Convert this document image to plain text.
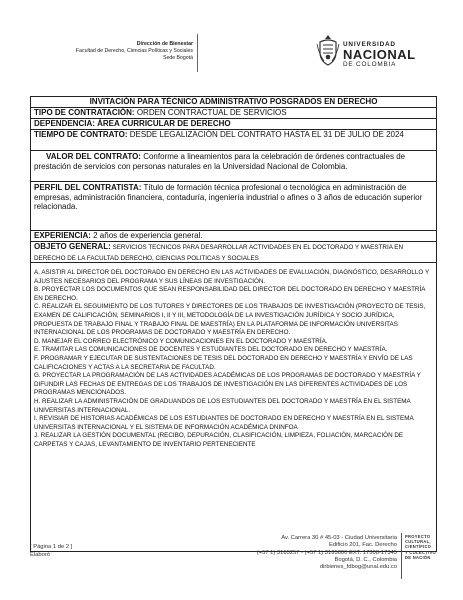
Dirección de Bienestar
Facultad de Derecho, Ciencias Políticas y Sociales
Sede Bogotá
UNIVERSIDAD
NACIONAL
DE COLOMBIA
INVITACIÓN PARA TÉCNICO ADMINISTRATIVO POSGRADOS EN DERECHO
TIPO DE CONTRATACIÓN: ORDEN CONTRACTUAL DE SERVICIOS
DEPENDENCIA: ÁREA CURRICULAR DE DERECHO
TIEMPO DE CONTRATO: DESDE LEGALIZACIÓN DEL CONTRATO HASTA EL 31 DE JULIO DE 2024
VALOR DEL CONTRATO: Conforme a lineamientos para la celebración de órdenes contractuales de prestación de servicios con personas naturales en la Universidad Nacional de Colombia.
PERFIL DEL CONTRATISTA: Título de formación técnica profesional o tecnológica en administración de empresas, administración financiera, contaduría, ingeniería industrial o afines o 3 años de educación superior relacionada.
EXPERIENCIA: 2 años de experiencia general.
OBJETO GENERAL: SERVICIOS TECNICOS PARA DESARROLLAR ACTIVIDADES EN EL DOCTORADO Y MAESTRIA EN DERECHO DE LA FACULTAD DERECHO, CIENCIAS POLITICAS Y SOCIALES
A. ASISTIR AL DIRECTOR DEL DOCTORADO EN DERECHO EN LAS ACTIVIDADES DE EVALUACIÓN, DIAGNÓSTICO, DESARROLLO Y AJUSTES NECESARIOS DEL PROGRAMA Y SUS LÍNEAS DE INVESTIGACIÓN.
B. PROYECTAR LOS DOCUMENTOS QUE SEAN RESPONSABILIDAD DEL DIRECTOR DEL DOCTORADO EN DERECHO Y MAESTRÍA EN DERECHO.
C. REALIZAR EL SEGUIMIENTO DE LOS TUTORES Y DIRECTORES DE LOS TRABAJOS DE INVESTIGACIÓN (PROYECTO DE TESIS, EXAMEN DE CALIFICACIÓN, SEMINARIOS I, II Y III, METODOLOGÍA DE LA INVESTIGACIÓN JURÍDICA Y SOCIO JURÍDICA, PROPUESTA DE TRABAJO FINAL Y TRABAJO FINAL DE MAESTRÍA) EN LA PLATAFORMA DE INFORMACIÓN UNIVERSITAS INTERNACIONAL DE LOS PROGRAMAS DE DOCTORADO Y MAESTRÍA EN DERECHO.
D. MANEJAR EL CORREO ELECTRÓNICO Y COMUNICACIONES EN EL DOCTORADO Y MAESTRÍA.
E. TRAMITAR LAS COMUNICACIONES DE DOCENTES Y ESTUDIANTES DEL DOCTORADO EN DERECHO Y MAESTRÍA.
F. PROGRAMAR Y EJECUTAR DE SUSTENTACIONES DE TESIS DEL DOCTORADO EN DERECHO Y MAESTRÍA Y ENVÍO DE LAS CALIFICACIONES Y ACTAS A LA SECRETARIA DE FACULTAD.
G. PROYECTAR LA PROGRAMACIÓN DE LAS ACTIVIDADES ACADÉMICAS DE LOS PROGRAMAS DE DOCTORADO Y MAESTRÍA Y DIFUNDIR LAS FECHAS DE ENTREGAS DE LOS TRABAJOS DE INVESTIGACIÓN EN LAS DIFERENTES ACTIVIDADES DE LOS PROGRAMAS MENCIONADOS.
H. REALIZAR LA ADMINISTRACIÓN DE GRADUANDOS DE LOS ESTUDIANTES DEL DOCTORADO Y MAESTRÍA EN EL SISTEMA UNIVERSITAS INTERNACIONAL.
I. REVISIAR DE HISTORIAS ACADÉMICAS DE LOS ESTUDIANTES DE DOCTORADO EN DERECHO Y MAESTRÍA EN EL SISTEMA UNIVERSITAS INTERNACIONAL Y EL SISTEMA DE INFORMACIÓN ACADÉMICA DNINFOA
J. REALIZAR LA GESTIÓN DOCUMENTAL (RECIBO, DEPURACIÓN, CLASIFICACIÓN, LIMPIEZA, FOLIACIÓN, MARCACIÓN DE CARPETAS Y CAJAS, LEVANTAMIENTO DE INVENTARIO PERTENECIENTE
[ Página 1 de 2 ]
Elaboró
Av. Carrera 30 # 45-03 - Ciudad Universitaria
Edificio 201, Fac. Derecho
(+57 1) 3165257 - (+57 1) 3165000 EXT. 17308-17345
Bogotá, D. C., Colombia
dirbienes_fdbog@unal.edu.co
PROYECTO
CULTURAL,
CIENTÍFICO
Y COLECTIVO
DE NACIÓN
